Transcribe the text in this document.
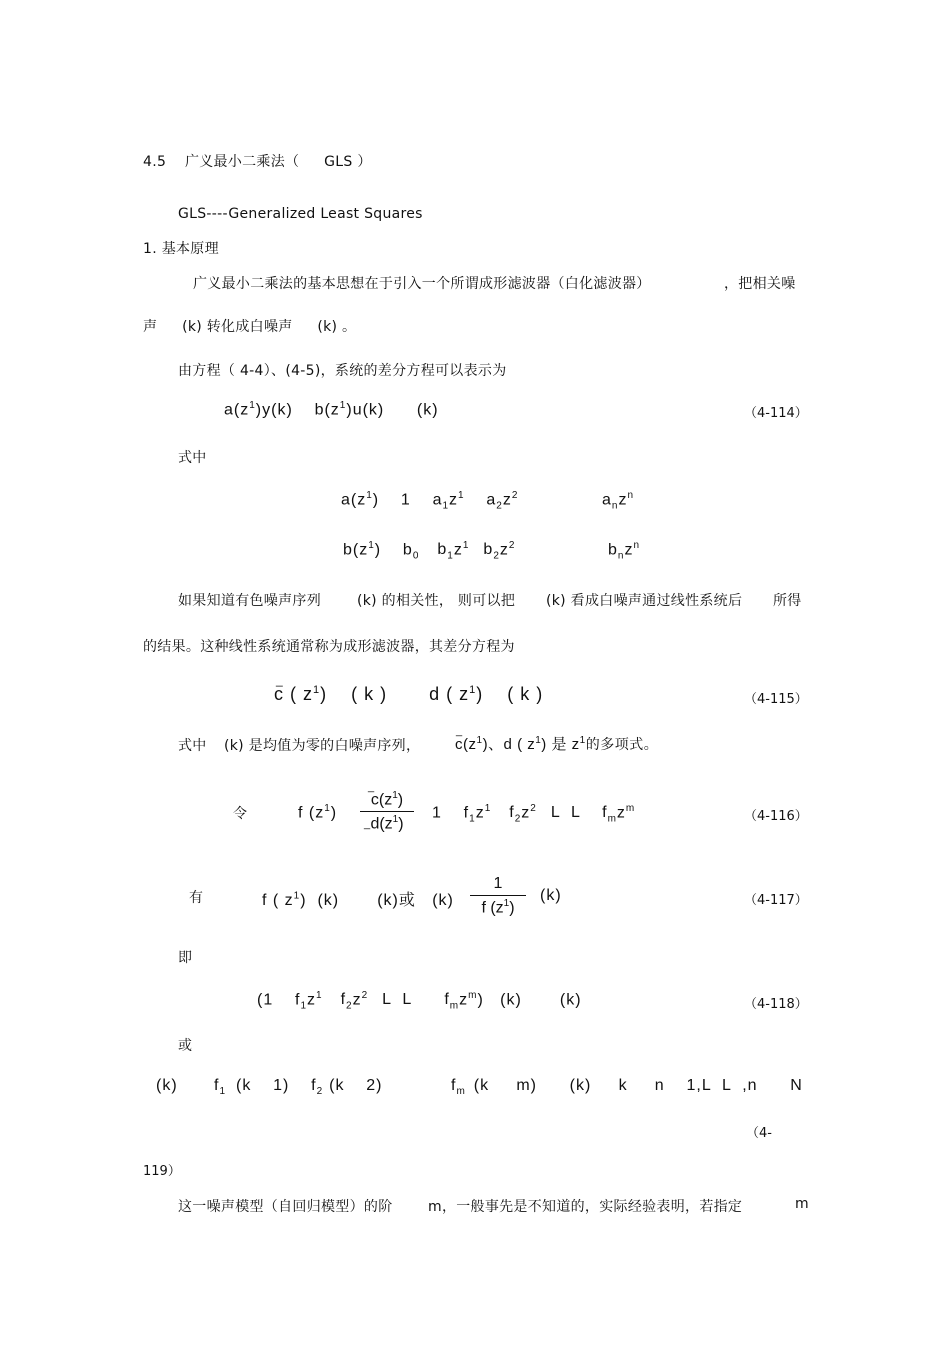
4.5 广义最小二乘法（ GLS ）
GLS----Generalized Least Squares
1. 基本原理
广义最小二乘法的基本思想在于引入一个所谓成形滤波器（白化滤波器）	，把相关噪
声 (k) 转化成白噪声 (k) 。
由方程（ 4-4）、(4-5)，系统的差分方程可以表示为
$a(z^1)y(k)$    $b(z^1)u(k)$      (k)	（4-114）
式中
$a(z^1)$    1    $a_1z^1$    $a_2z^2$	$a_nz^n$
$b(z^1)$    $b_0$ $b_1z^1$ $b_2z^2$	$b_nz^n$
如果知道有色噪声序列	(k) 的相关性， 则可以把 (k) 看成白噪声通过线性系统后 所得
的结果。这种线性系统通常称为成形滤波器，其差分方程为
_
c ( $z^1$)    ( k )       d ( $z^1$)    ( k )	（4-115）
式中 (k) 是均值为零的白噪声序列，
_
$c(z^1)$、d ( $z^1$) 是 $z^1$的多项式。
令	f $(z^1)$
_
_
$c(z^1)$
$d(z^1)$
1    $f_1z^1$ $f_2z^2$ L  L    $f_mz^m$
（4-116）
有	f ( $z^1$)  (k)       (k)或   (k)
1
f $(z^1)$
(k)	（4-117）
即
(1    $f_1z^1$ $f_2z^2$ L  L      $f_mz^m$)   (k)       (k)	（4-118）
或
(k) $f_1$ (k    1)    $f_2$ (k    2)	$f_m$ (k     m)      (k)     k     n    1,L  L  ,n      N
（4-
119）
这一噪声模型（自回归模型）的阶	m，一般事先是不知道的，实际经验表明，若指定	m
